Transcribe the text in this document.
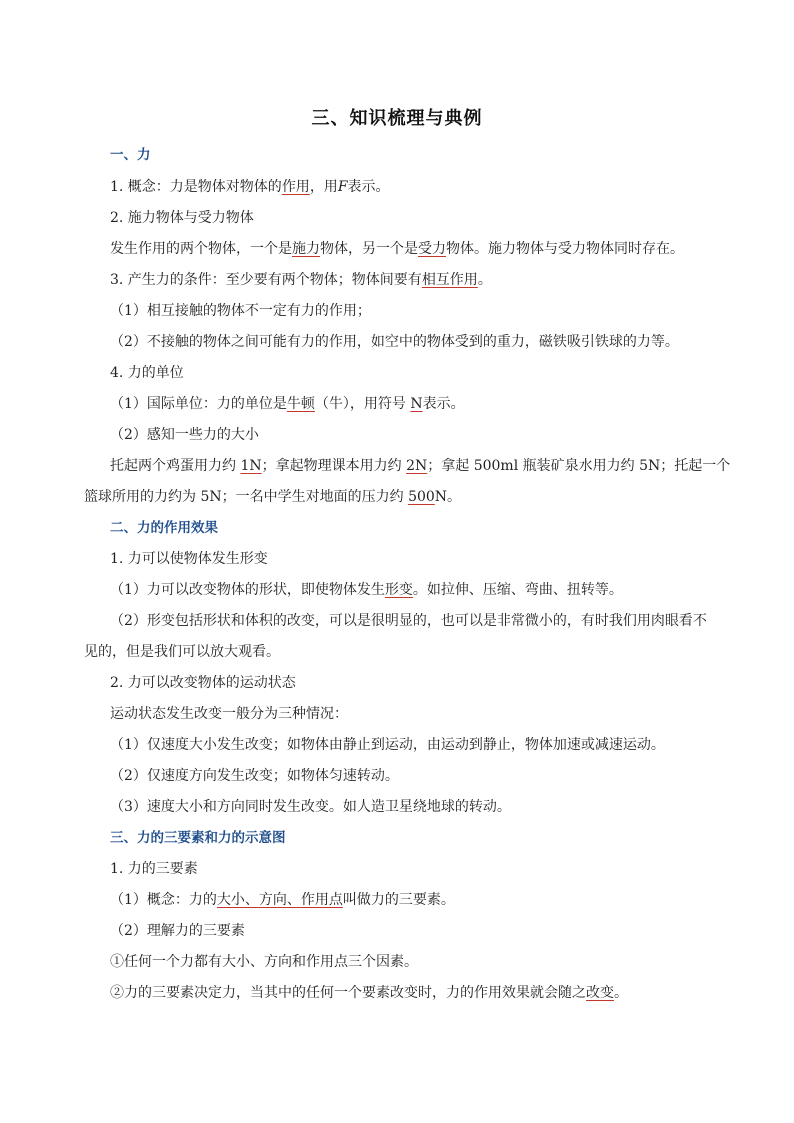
三、知识梳理与典例
一、力
1. 概念：力是物体对物体的作用，用F表示。
2. 施力物体与受力物体
发生作用的两个物体，一个是施力物体，另一个是受力物体。施力物体与受力物体同时存在。
3. 产生力的条件：至少要有两个物体；物体间要有相互作用。
（1）相互接触的物体不一定有力的作用；
（2）不接触的物体之间可能有力的作用，如空中的物体受到的重力，磁铁吸引铁球的力等。
4. 力的单位
（1）国际单位：力的单位是牛顿（牛），用符号 N表示。
（2）感知一些力的大小
托起两个鸡蛋用力约 1N；拿起物理课本用力约 2N；拿起 500ml 瓶装矿泉水用力约 5N；托起一个
篮球所用的力约为 5N；一名中学生对地面的压力约 500N。
二、力的作用效果
1. 力可以使物体发生形变
（1）力可以改变物体的形状，即使物体发生形变。如拉伸、压缩、弯曲、扭转等。
（2）形变包括形状和体积的改变，可以是很明显的，也可以是非常微小的，有时我们用肉眼看不
见的，但是我们可以放大观看。
2. 力可以改变物体的运动状态
运动状态发生改变一般分为三种情况：
（1）仅速度大小发生改变；如物体由静止到运动，由运动到静止，物体加速或减速运动。
（2）仅速度方向发生改变；如物体匀速转动。
（3）速度大小和方向同时发生改变。如人造卫星绕地球的转动。
三、力的三要素和力的示意图
1. 力的三要素
（1）概念：力的大小、方向、作用点叫做力的三要素。
（2）理解力的三要素
①任何一个力都有大小、方向和作用点三个因素。
②力的三要素决定力，当其中的任何一个要素改变时，力的作用效果就会随之改变。
